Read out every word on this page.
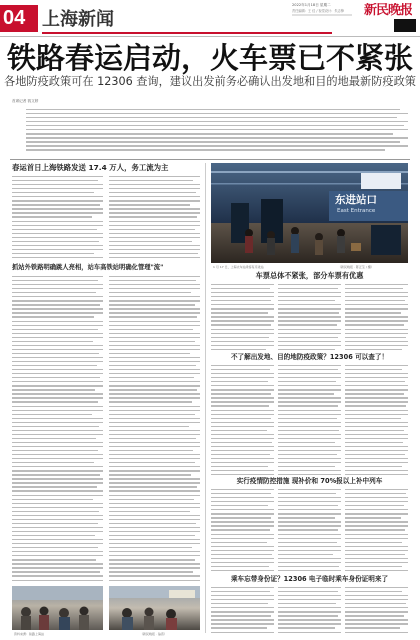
04 上海新闻
2022年1月18日 星期二
责任编辑：王 佳 / 视觉设计：朱志锋 新民晚报
铁路春运启动，火车票已不紧张
各地防疫政策可在 12306 查询，建议出发前务必确认出发地和目的地最新防疫政策
首席记者 钱文婷
春运首日上海铁路发送 17.4 万人，务工流为主
抓站外铁路明确跳人亮相，站车高铁站明确化管理"流"
资料来源：铁路上海站	（新民晚报 · 翁晋）
东进站口
East Entrance
1 月 17 日，上海火车站乘客有序进站	（新民晚报 · 陈正宝 / 摄）
车票总体不紧张，部分车票有优惠
不了解出发地、目的地防疫政策？12306 可以查了！
实行疫情防控措施 现补价和 70%报以上补中列车
乘车忘带身份证？12306 电子临时乘车身份证明来了
